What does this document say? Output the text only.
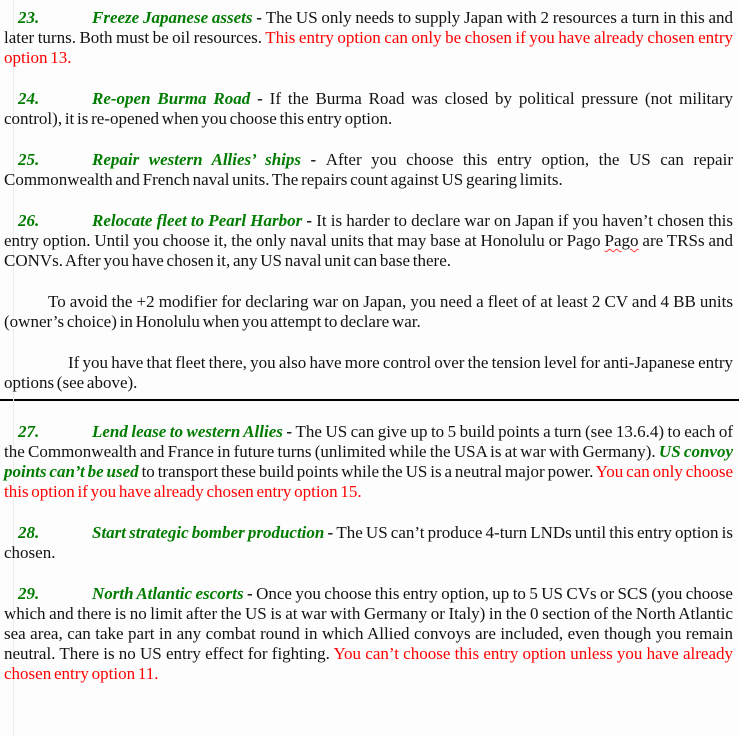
23.	Freeze Japanese assets - The US only needs to supply Japan with 2 resources a turn in this and later turns. Both must be oil resources. This entry option can only be chosen if you have already chosen entry option 13.

24.	Re-open Burma Road - If the Burma Road was closed by political pressure (not military control), it is re-opened when you choose this entry option.

25.	Repair western Allies’ ships - After you choose this entry option, the US can repair Commonwealth and French naval units. The repairs count against US gearing limits.

26.	Relocate fleet to Pearl Harbor - It is harder to declare war on Japan if you haven’t chosen this entry option. Until you choose it, the only naval units that may base at Honolulu or Pago Pago are TRSs and CONVs. After you have chosen it, any US naval unit can base there.

To avoid the +2 modifier for declaring war on Japan, you need a fleet of at least 2 CV and 4 BB units (owner’s choice) in Honolulu when you attempt to declare war.

If you have that fleet there, you also have more control over the tension level for anti-Japanese entry options (see above).

27.	Lend lease to western Allies - The US can give up to 5 build points a turn (see 13.6.4) to each of the Commonwealth and France in future turns (unlimited while the USA is at war with Germany). US convoy points can’t be used to transport these build points while the US is a neutral major power. You can only choose this option if you have already chosen entry option 15.

28.	Start strategic bomber production - The US can’t produce 4-turn LNDs until this entry option is chosen.

29.	North Atlantic escorts - Once you choose this entry option, up to 5 US CVs or SCS (you choose which and there is no limit after the US is at war with Germany or Italy) in the 0 section of the North Atlantic sea area, can take part in any combat round in which Allied convoys are included, even though you remain neutral. There is no US entry effect for fighting. You can’t choose this entry option unless you have already chosen entry option 11.
